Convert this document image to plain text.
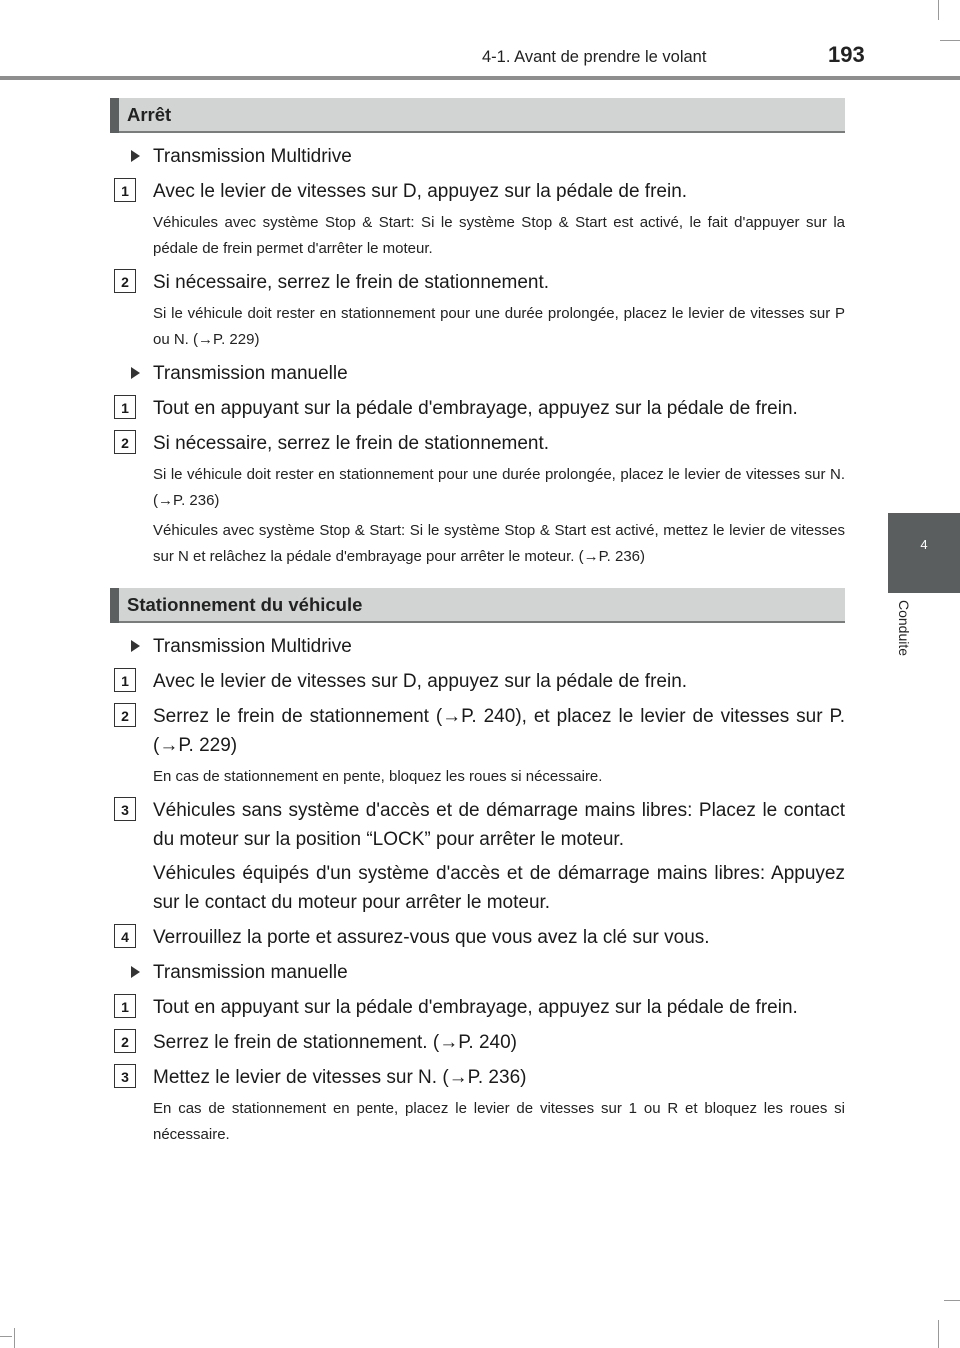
4-1. Avant de prendre le volant	193
4
Conduite
Arrêt
Transmission Multidrive
1	Avec le levier de vitesses sur D, appuyez sur la pédale de frein.
Véhicules avec système Stop & Start: Si le système Stop & Start est activé, le fait d'appuyer sur la pédale de frein permet d'arrêter le moteur.
2	Si nécessaire, serrez le frein de stationnement.
Si le véhicule doit rester en stationnement pour une durée prolongée, placez le levier de vitesses sur P ou N. (→P. 229)
Transmission manuelle
1	Tout en appuyant sur la pédale d'embrayage, appuyez sur la pédale de frein.
2	Si nécessaire, serrez le frein de stationnement.
Si le véhicule doit rester en stationnement pour une durée prolongée, placez le levier de vitesses sur N. (→P. 236)
Véhicules avec système Stop & Start: Si le système Stop & Start est activé, mettez le levier de vitesses sur N et relâchez la pédale d'embrayage pour arrêter le moteur. (→P. 236)
Stationnement du véhicule
Transmission Multidrive
1	Avec le levier de vitesses sur D, appuyez sur la pédale de frein.
2	Serrez le frein de stationnement (→P. 240), et placez le levier de vitesses sur P. (→P. 229)
En cas de stationnement en pente, bloquez les roues si nécessaire.
3	Véhicules sans système d'accès et de démarrage mains libres: Placez le contact du moteur sur la position “LOCK” pour arrêter le moteur.
Véhicules équipés d'un système d'accès et de démarrage mains libres: Appuyez sur le contact du moteur pour arrêter le moteur.
4	Verrouillez la porte et assurez-vous que vous avez la clé sur vous.
Transmission manuelle
1	Tout en appuyant sur la pédale d'embrayage, appuyez sur la pédale de frein.
2	Serrez le frein de stationnement. (→P. 240)
3	Mettez le levier de vitesses sur N. (→P. 236)
En cas de stationnement en pente, placez le levier de vitesses sur 1 ou R et bloquez les roues si nécessaire.
